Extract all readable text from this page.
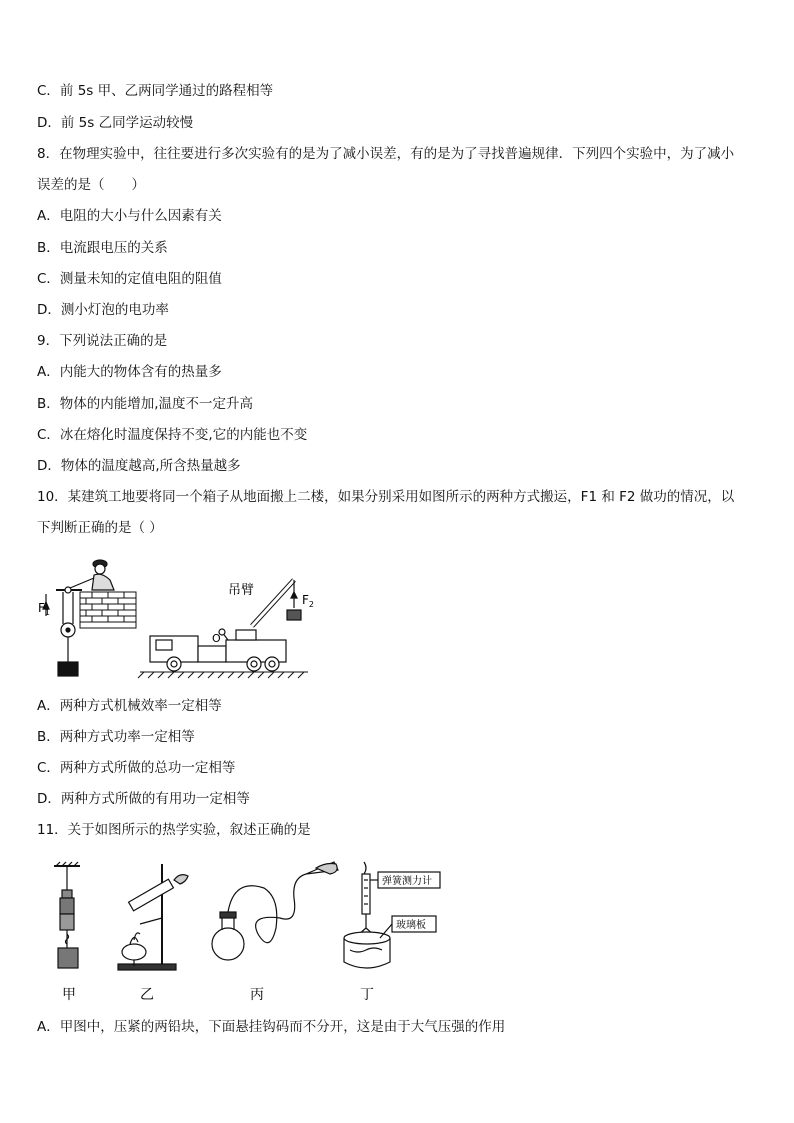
C．前 5s 甲、乙两同学通过的路程相等
D．前 5s 乙同学运动较慢
8．在物理实验中，往往要进行多次实验有的是为了减小误差，有的是为了寻找普遍规律．下列四个实验中，为了减小
误差的是（　　）
A．电阻的大小与什么因素有关
B．电流跟电压的关系
C．测量未知的定值电阻的阻值
D．测小灯泡的电功率
9．下列说法正确的是
A．内能大的物体含有的热量多
B．物体的内能增加,温度不一定升高
C．冰在熔化时温度保持不变,它的内能也不变
D．物体的温度越高,所含热量越多
10．某建筑工地要将同一个箱子从地面搬上二楼，如果分别采用如图所示的两种方式搬运，F1 和 F2 做功的情况，以
下判断正确的是（ ）
$F_1$
吊臂
$F_2$
O
A．两种方式机械效率一定相等
B．两种方式功率一定相等
C．两种方式所做的总功一定相等
D．两种方式所做的有用功一定相等
11．关于如图所示的热学实验，叙述正确的是
甲	乙	丙
弹簧测力计
玻璃板
丁
A．甲图中，压紧的两铅块，下面悬挂钩码而不分开，这是由于大气压强的作用
